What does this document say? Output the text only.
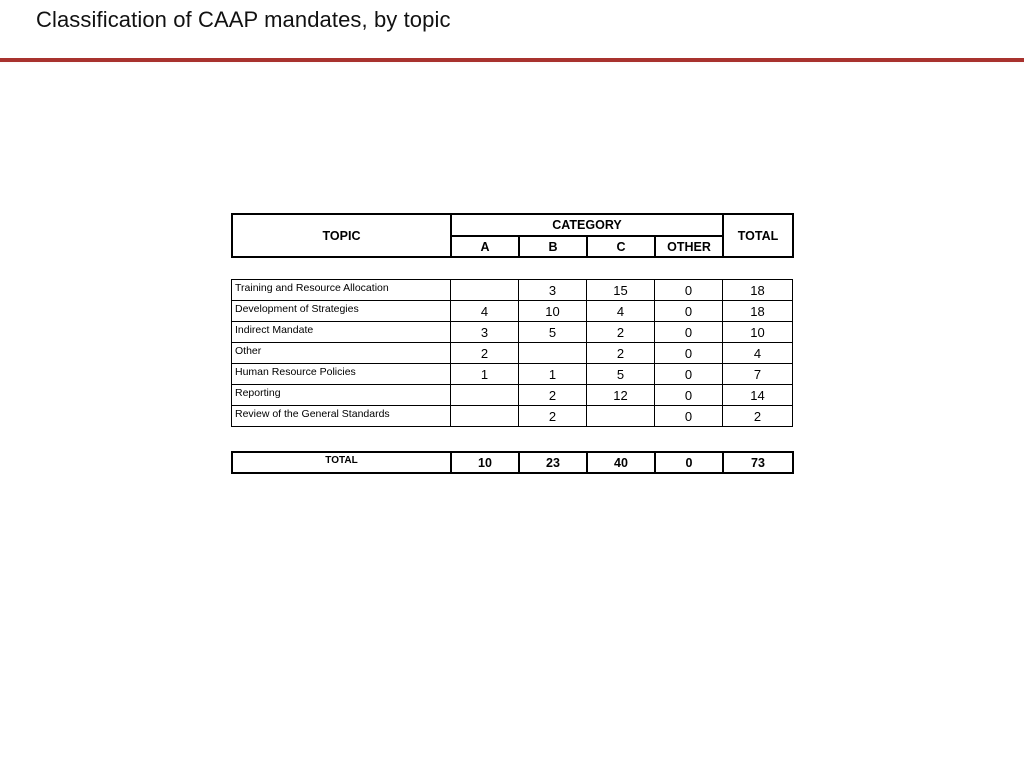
Classification of CAAP mandates, by topic
TOPIC	CATEGORY				TOTAL
	A	B	C	OTHER	
Training and Resource Allocation		3	15	0	18
Development of Strategies	4	10	4	0	18
Indirect Mandate	3	5	2	0	10
Other	2		2	0	4
Human Resource Policies	1	1	5	0	7
Reporting		2	12	0	14
Review of the General Standards		2		0	2
TOTAL	10	23	40	0	73
